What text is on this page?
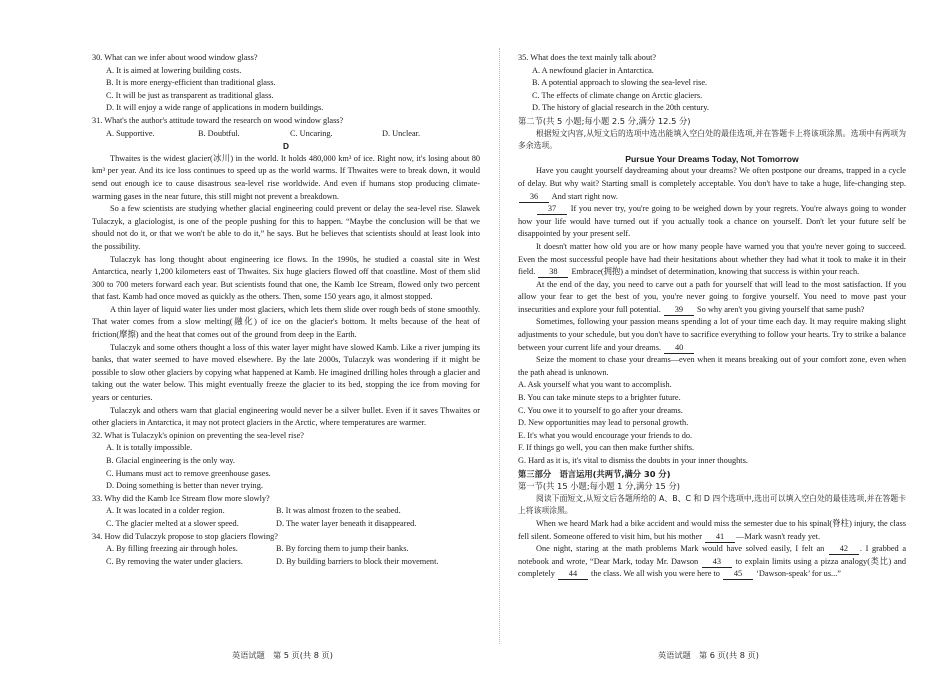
30. What can we infer about wood window glass?

A. It is aimed at lowering building costs.

B. It is more energy-efficient than traditional glass.

C. It will be just as transparent as traditional glass.

D. It will enjoy a wide range of applications in modern buildings.

31. What's the author's attitude toward the research on wood window glass?

A. Supportive.	B. Doubtful.	C. Uncaring.	D. Unclear.

D

Thwaites is the widest glacier(冰川) in the world. It holds 480,000 km³ of ice. Right now, it's losing about 80 km³ per year. And its ice loss continues to speed up as the world warms. If Thwaites were to break down, it would send out enough ice to cause disastrous sea-level rise worldwide. And even if humans stop producing climate-warming gases in the near future, this still might not prevent a breakdown.

So a few scientists are studying whether glacial engineering could prevent or delay the sea-level rise. Slawek Tulaczyk, a glaciologist, is one of the people pushing for this to happen. “Maybe the conclusion will be that we should not do it, or that we won't be able to do it,” he says. But he believes that scientists should at least look into the possibility.

Tulaczyk has long thought about engineering ice flows. In the 1990s, he studied a coastal site in West Antarctica, nearly 1,200 kilometers east of Thwaites. Six huge glaciers flowed off that coastline. Most of them slid 300 to 700 meters forward each year. But scientists found that one, the Kamb Ice Stream, flowed only two percent that fast. Kamb had once moved as quickly as the others. Then, some 150 years ago, it almost stopped.

A thin layer of liquid water lies under most glaciers, which lets them slide over rough beds of stone smoothly. That water comes from a slow melting(融化) of ice on the glacier's bottom. It melts because of the heat of friction(摩擦) and the heat that comes out of the ground from deep in the Earth.

Tulaczyk and some others thought a loss of this water layer might have slowed Kamb. Like a river jumping its banks, that water seemed to have moved elsewhere. By the late 2000s, Tulaczyk was wondering if it might be possible to slow other glaciers by copying what happened at Kamb. He imagined drilling holes through a glacier and taking out the water below. This might eventually freeze the glacier to its bed, stopping the ice from moving for years or centuries.

Tulaczyk and others warn that glacial engineering would never be a silver bullet. Even if it saves Thwaites or other glaciers in Antarctica, it may not protect glaciers in the Arctic, where temperatures are warmer.

32. What is Tulaczyk's opinion on preventing the sea-level rise?

A. It is totally impossible.

B. Glacial engineering is the only way.

C. Humans must act to remove greenhouse gases.

D. Doing something is better than never trying.

33. Why did the Kamb Ice Stream flow more slowly?

A. It was located in a colder region.	B. It was almost frozen to the seabed.

C. The glacier melted at a slower speed.	D. The water layer beneath it disappeared.

34. How did Tulaczyk propose to stop glaciers flowing?

A. By filling freezing air through holes.	B. By forcing them to jump their banks.

C. By removing the water under glaciers.	D. By building barriers to block their movement.

35. What does the text mainly talk about?

A. A newfound glacier in Antarctica.

B. A potential approach to slowing the sea-level rise.

C. The effects of climate change on Arctic glaciers.

D. The history of glacial research in the 20th century.

第二节(共 5 小题;每小题 2.5 分,满分 12.5 分)

根据短文内容,从短文后的选项中选出能填入空白处的最佳选项,并在答题卡上将该项涂黑。选项中有两项为多余选项。

Pursue Your Dreams Today, Not Tomorrow

Have you caught yourself daydreaming about your dreams? We often postpone our dreams, trapped in a cycle of delay. But why wait? Starting small is completely acceptable. You don't have to take a huge, life-changing step. 36 And start right now.

37 If you never try, you're going to be weighed down by your regrets. You're always going to wonder how your life would have turned out if you actually took a chance on yourself. Don't let your future self be disappointed by your present self.

It doesn't matter how old you are or how many people have warned you that you're never going to succeed. Even the most successful people have had their hesitations about whether they had what it took to make it in their field. 38 Embrace(拥抱) a mindset of determination, knowing that success is within your reach.

At the end of the day, you need to carve out a path for yourself that will lead to the most satisfaction. If you allow your fear to get the best of you, you're never going to forgive yourself. You need to move past your insecurities and explore your full potential. 39 So why aren't you giving yourself that same push?

Sometimes, following your passion means spending a lot of your time each day. It may require making slight adjustments to your schedule, but you don't have to sacrifice everything to follow your hearts. Try to strike a balance between your current life and your dreams. 40

Seize the moment to chase your dreams—even when it means breaking out of your comfort zone, even when the path ahead is unknown.

A. Ask yourself what you want to accomplish.

B. You can take minute steps to a brighter future.

C. You owe it to yourself to go after your dreams.

D. New opportunities may lead to personal growth.

E. It's what you would encourage your friends to do.

F. If things go well, you can then make further shifts.

G. Hard as it is, it's vital to dismiss the doubts in your inner thoughts.

第三部分　语言运用(共两节,满分 30 分)

第一节(共 15 小题;每小题 1 分,满分 15 分)

阅读下面短文,从短文后各题所给的 A、B、C 和 D 四个选项中,选出可以填入空白处的最佳选项,并在答题卡上将该项涂黑。

When we heard Mark had a bike accident and would miss the semester due to his spinal(脊柱) injury, the class fell silent. Someone offered to visit him, but his mother 41 —Mark wasn't ready yet.

One night, staring at the math problems Mark would have solved easily, I felt an 42 . I grabbed a notebook and wrote, “Dear Mark, today Mr. Dawson 43 to explain limits using a pizza analogy(类比) and completely 44 the class. We all wish you were here to 45 ‘Dawson-speak’ for us...”

英语试题　第 5 页(共 8 页)	英语试题　第 6 页(共 8 页)
